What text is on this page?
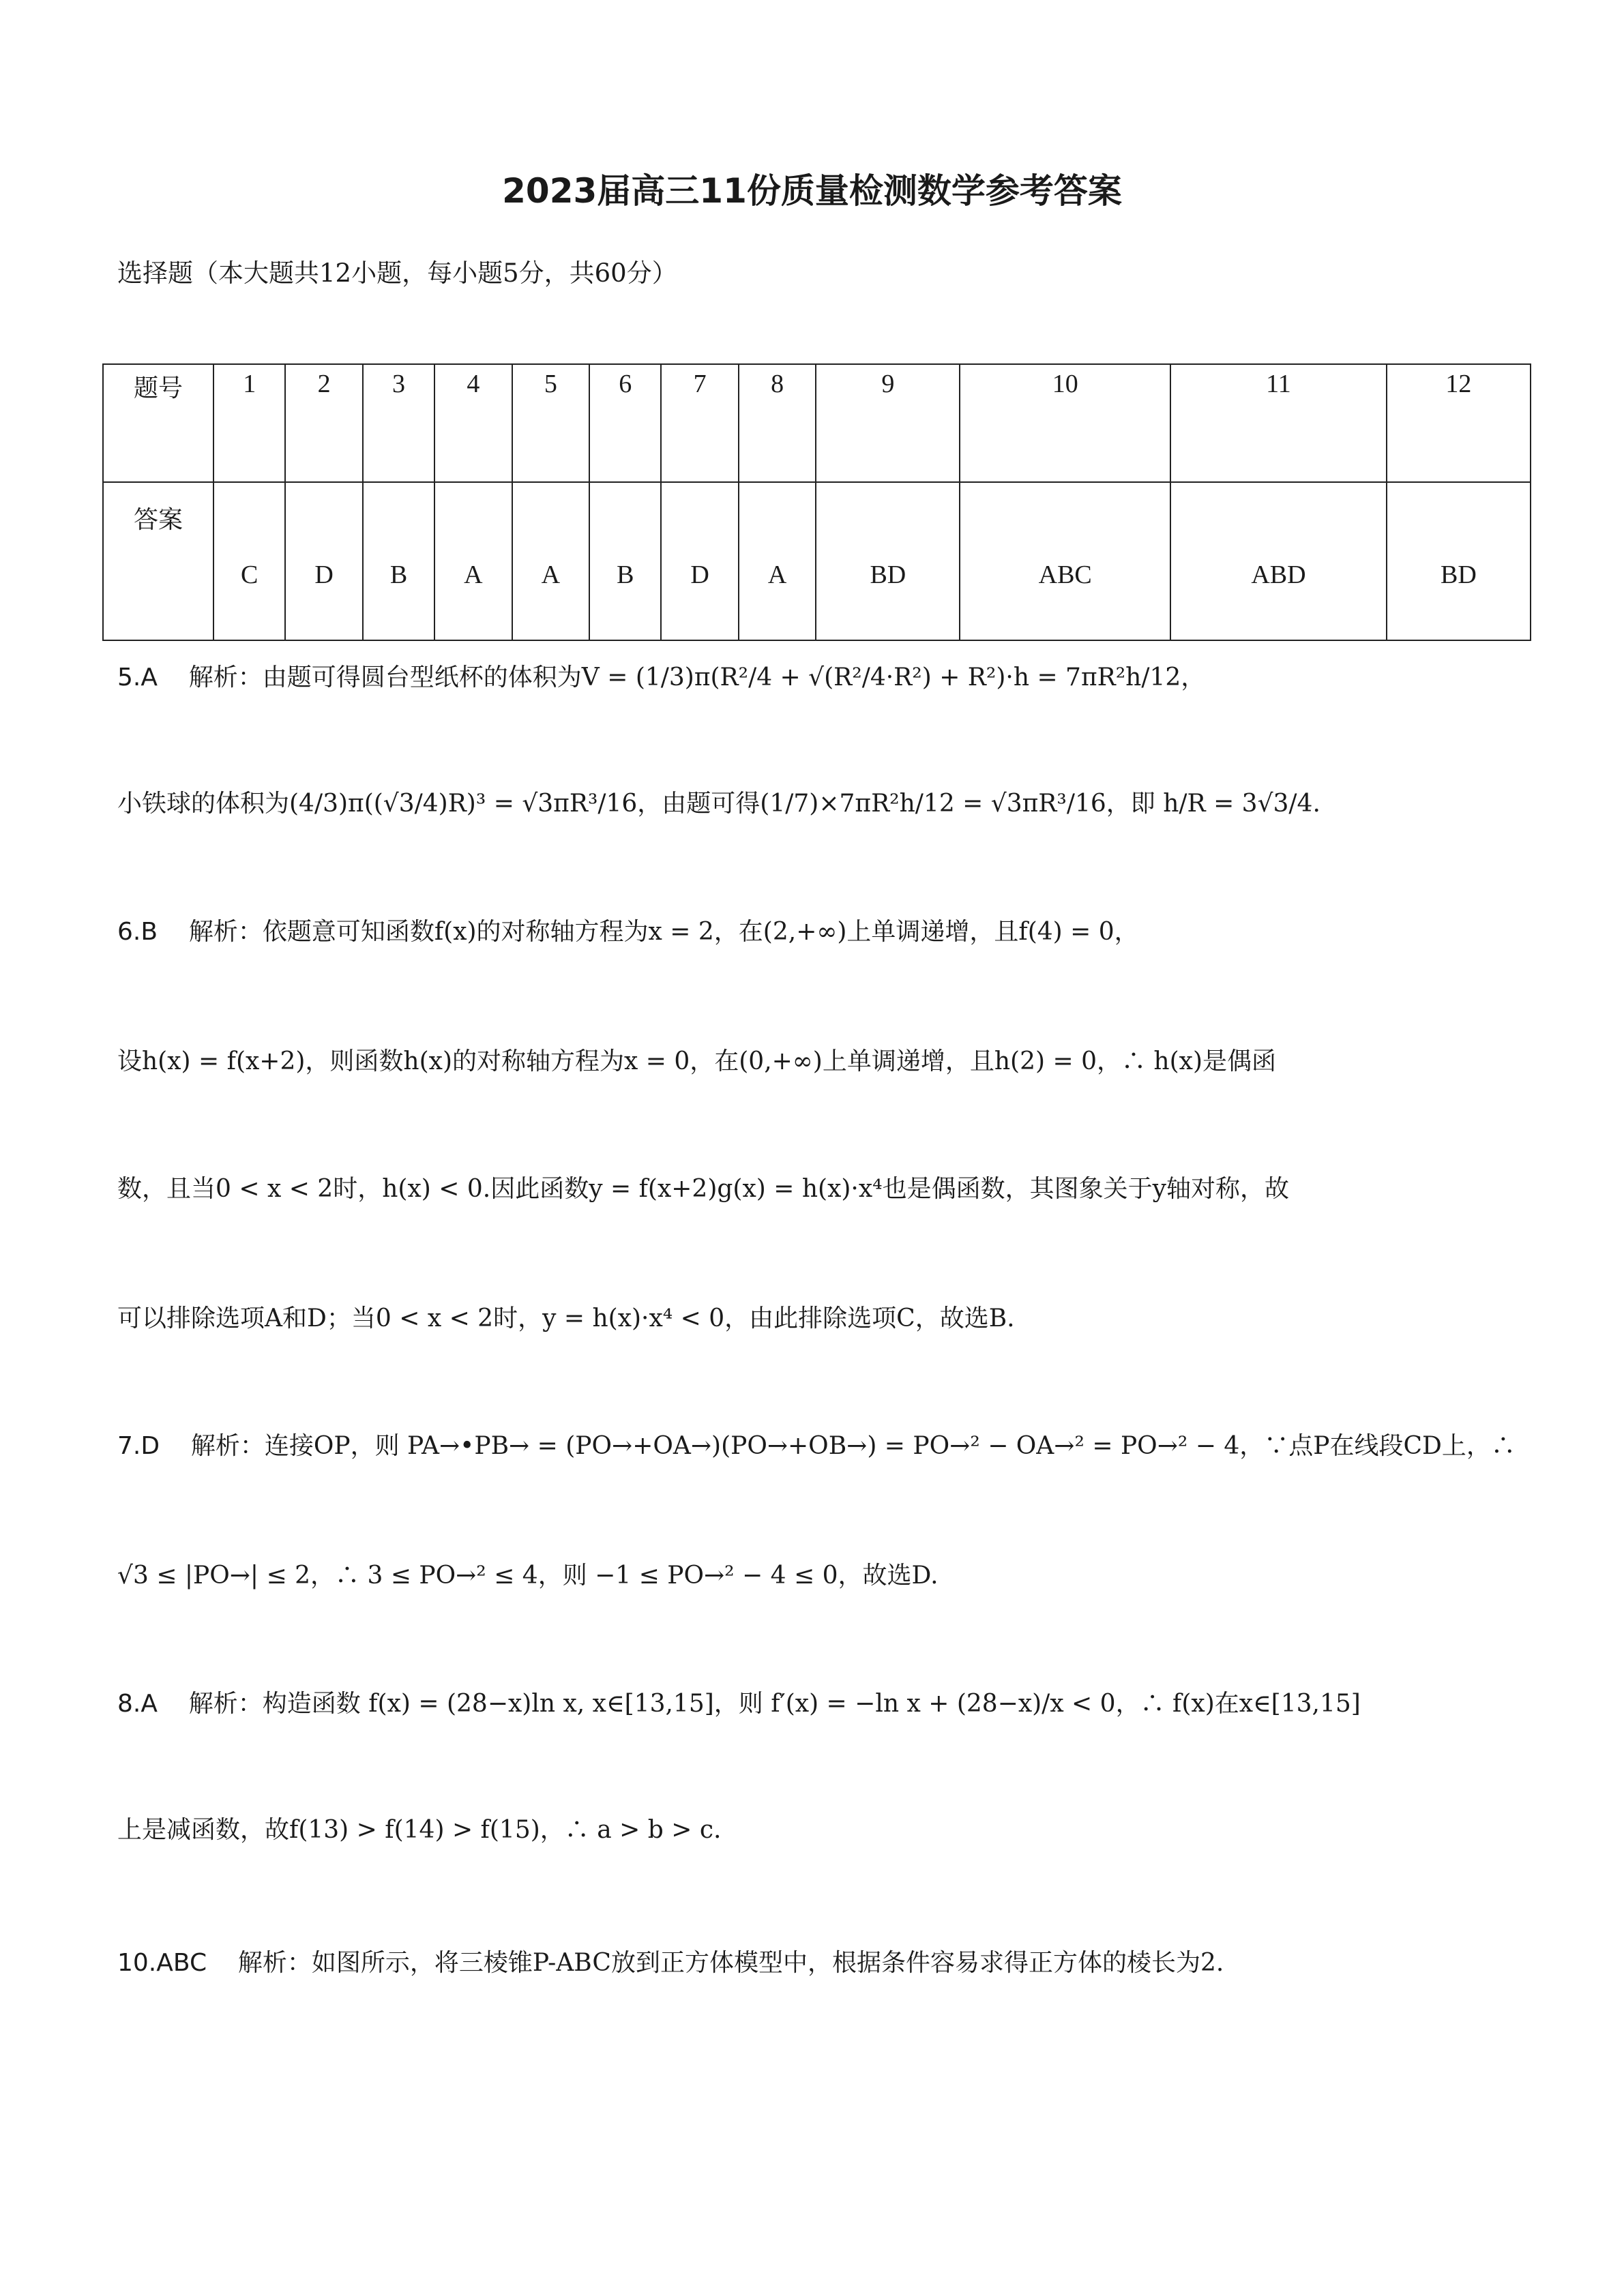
2023届高三11份质量检测数学参考答案
选择题（本大题共12小题，每小题5分，共60分）
题号	1	2	3	4	5	6	7	8	9	10	11	12
答案	C	D	B	A	A	B	D	A	BD	ABC	ABD	BD
5.A 解析：由题可得圆台型纸杯的体积为V = (1/3)π(R²/4 + √(R²/4·R²) + R²)·h = 7πR²h/12，
小铁球的体积为(4/3)π((√3/4)R)³ = √3πR³/16，由题可得(1/7)×7πR²h/12 = √3πR³/16，即 h/R = 3√3/4.
6.B 解析：依题意可知函数f(x)的对称轴方程为x = 2，在(2,+∞)上单调递增，且f(4) = 0，
设h(x) = f(x+2)，则函数h(x)的对称轴方程为x = 0，在(0,+∞)上单调递增，且h(2) = 0，∴ h(x)是偶函
数，且当0 < x < 2时，h(x) < 0.因此函数y = f(x+2)g(x) = h(x)·x⁴也是偶函数，其图象关于y轴对称，故
可以排除选项A和D；当0 < x < 2时，y = h(x)·x⁴ < 0，由此排除选项C，故选B.
7.D 解析：连接OP，则 PA→•PB→ = (PO→+OA→)(PO→+OB→) = PO→² − OA→² = PO→² − 4，∵点P在线段CD上，∴
√3 ≤ |PO→| ≤ 2，∴ 3 ≤ PO→² ≤ 4，则 −1 ≤ PO→² − 4 ≤ 0，故选D.
8.A 解析：构造函数 f(x) = (28−x)ln x, x∈[13,15]，则 f′(x) = −ln x + (28−x)/x < 0，∴ f(x)在x∈[13,15]
上是减函数，故f(13) > f(14) > f(15)，∴ a > b > c.
10.ABC 解析：如图所示，将三棱锥P-ABC放到正方体模型中，根据条件容易求得正方体的棱长为2.
